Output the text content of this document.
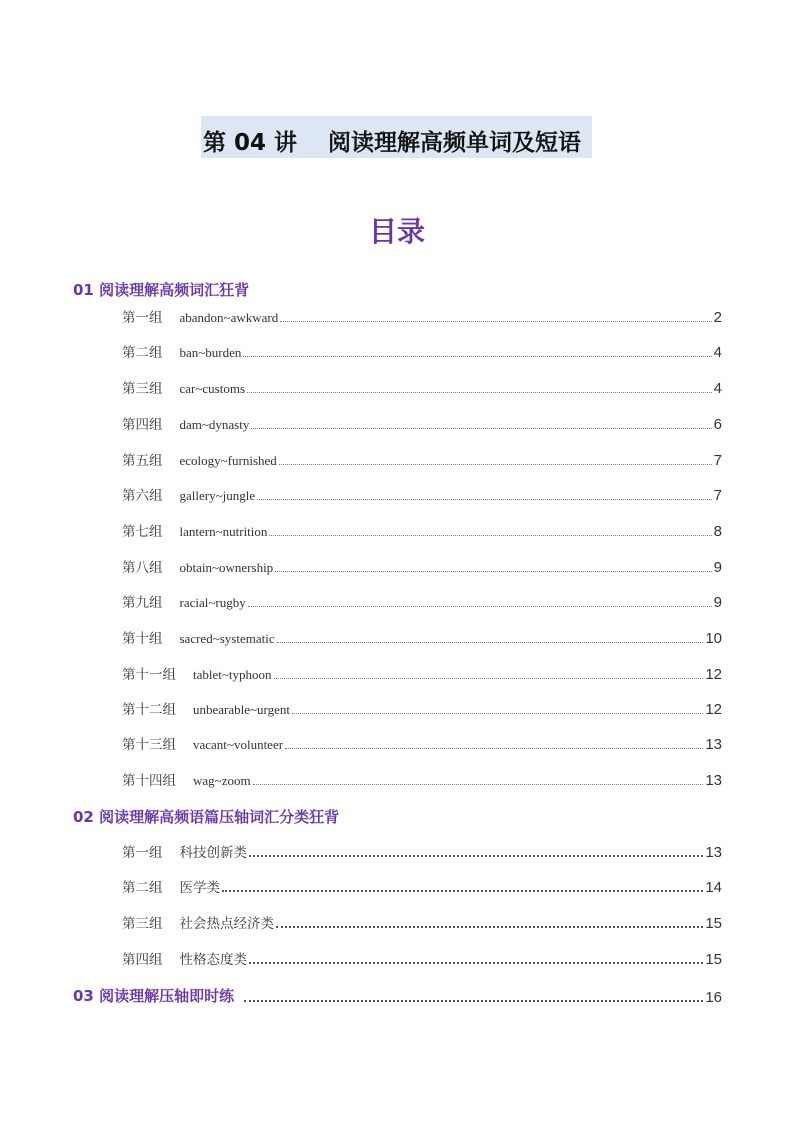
第 04 讲 阅读理解高频单词及短语
目录
01 阅读理解高频词汇狂背
第一组 abandon~awkward	2
第二组 ban~burden	4
第三组 car~customs	4
第四组 dam~dynasty	6
第五组 ecology~furnished	7
第六组 gallery~jungle	7
第七组 lantern~nutrition	8
第八组 obtain~ownership	9
第九组 racial~rugby	9
第十组 sacred~systematic	10
第十一组 tablet~typhoon	12
第十二组 unbearable~urgent	12
第十三组 vacant~volunteer	13
第十四组 wag~zoom	13
02 阅读理解高频语篇压轴词汇分类狂背
第一组 科技创新类	13
第二组 医学类	14
第三组 社会热点经济类	15
第四组 性格态度类	15
03 阅读理解压轴即时练	16
